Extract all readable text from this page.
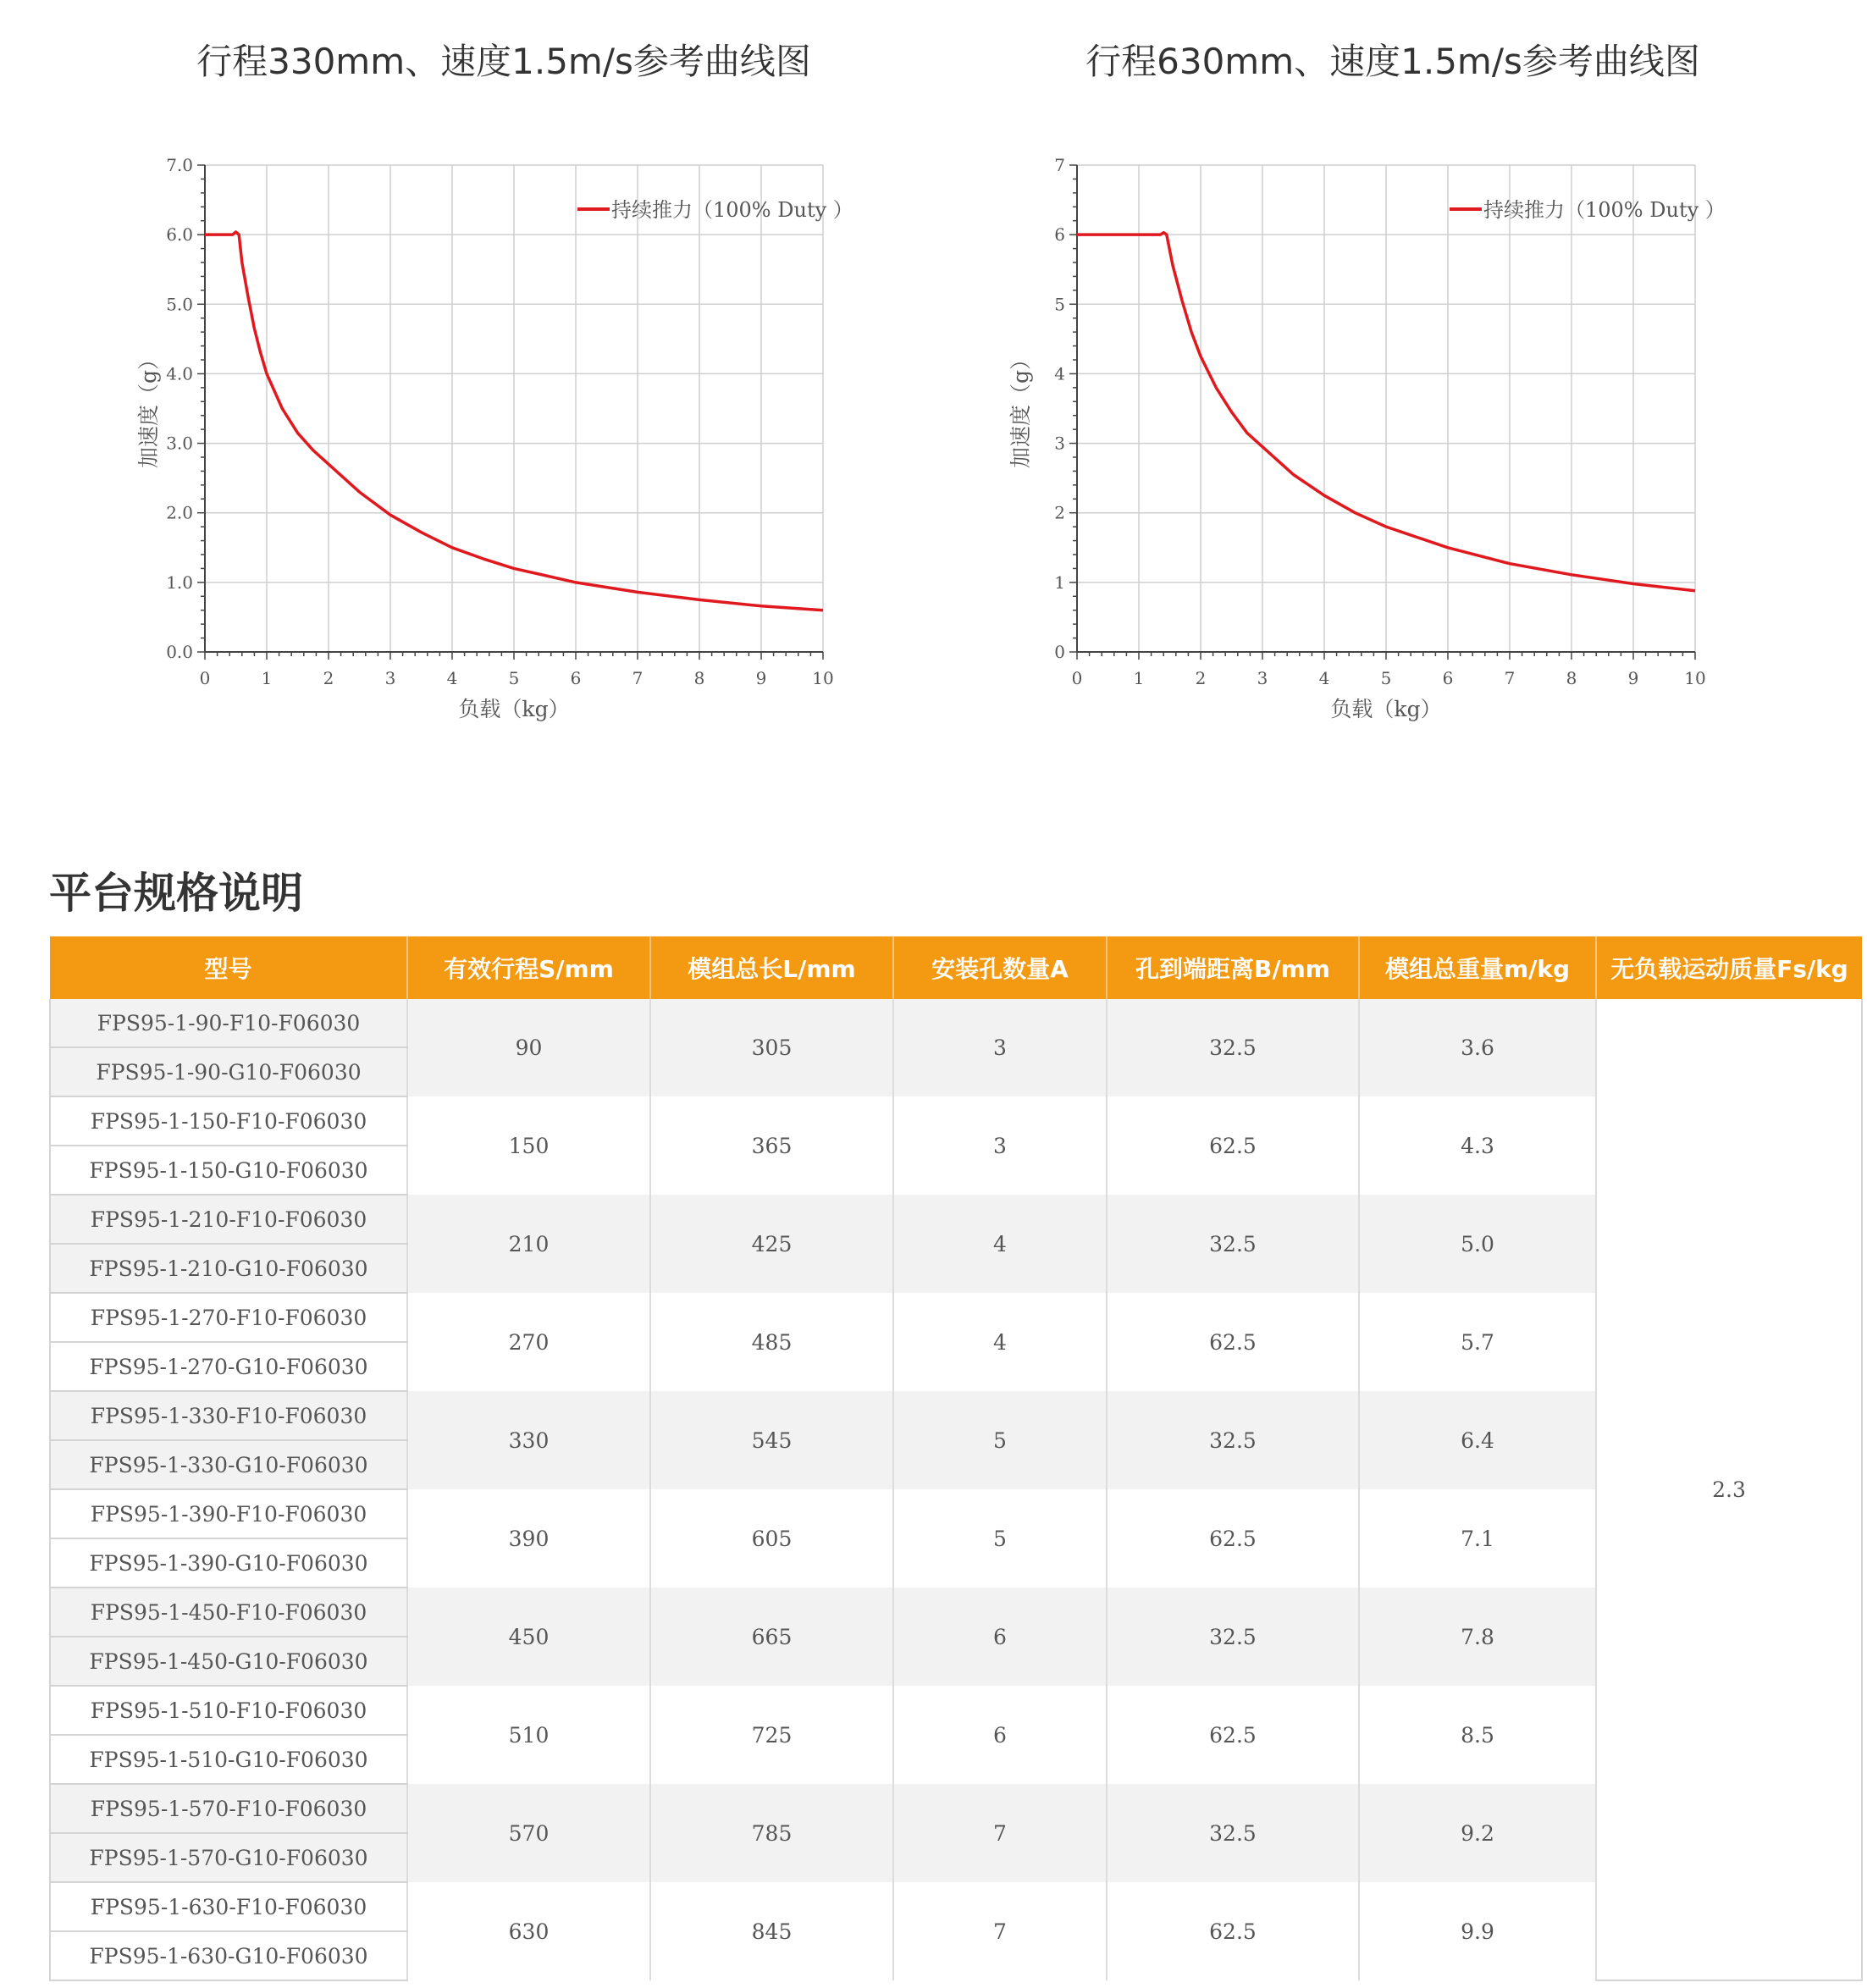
行程330mm、速度1.5m/s参考曲线图	行程630mm、速度1.5m/s参考曲线图
0	1	2	3	4	5	6	7	8	9	10
0.0
1.0
2.0
3.0
4.0
5.0
6.0
7.0
负载（kg）
加速度（g）
持续推力（100% Duty ）
0	1	2	3	4	5	6	7	8	9	10
0
1
2
3
4
5
6
7
负载（kg）
加速度（g）
持续推力（100% Duty ）
平台规格说明
型号	有效行程S/mm	模组总长L/mm	安装孔数量A	孔到端距离B/mm	模组总重量m/kg	无负载运动质量Fs/kg
FPS95-1-90-F10-F06030	90	305	3	32.5	3.6	2.3
FPS95-1-90-G10-F06030						
FPS95-1-150-F10-F06030	150	365	3	62.5	4.3	
FPS95-1-150-G10-F06030						
FPS95-1-210-F10-F06030	210	425	4	32.5	5.0	
FPS95-1-210-G10-F06030						
FPS95-1-270-F10-F06030	270	485	4	62.5	5.7	
FPS95-1-270-G10-F06030						
FPS95-1-330-F10-F06030	330	545	5	32.5	6.4	
FPS95-1-330-G10-F06030						
FPS95-1-390-F10-F06030	390	605	5	62.5	7.1	
FPS95-1-390-G10-F06030						
FPS95-1-450-F10-F06030	450	665	6	32.5	7.8	
FPS95-1-450-G10-F06030						
FPS95-1-510-F10-F06030	510	725	6	62.5	8.5	
FPS95-1-510-G10-F06030						
FPS95-1-570-F10-F06030	570	785	7	32.5	9.2	
FPS95-1-570-G10-F06030						
FPS95-1-630-F10-F06030	630	845	7	62.5	9.9	
FPS95-1-630-G10-F06030						
